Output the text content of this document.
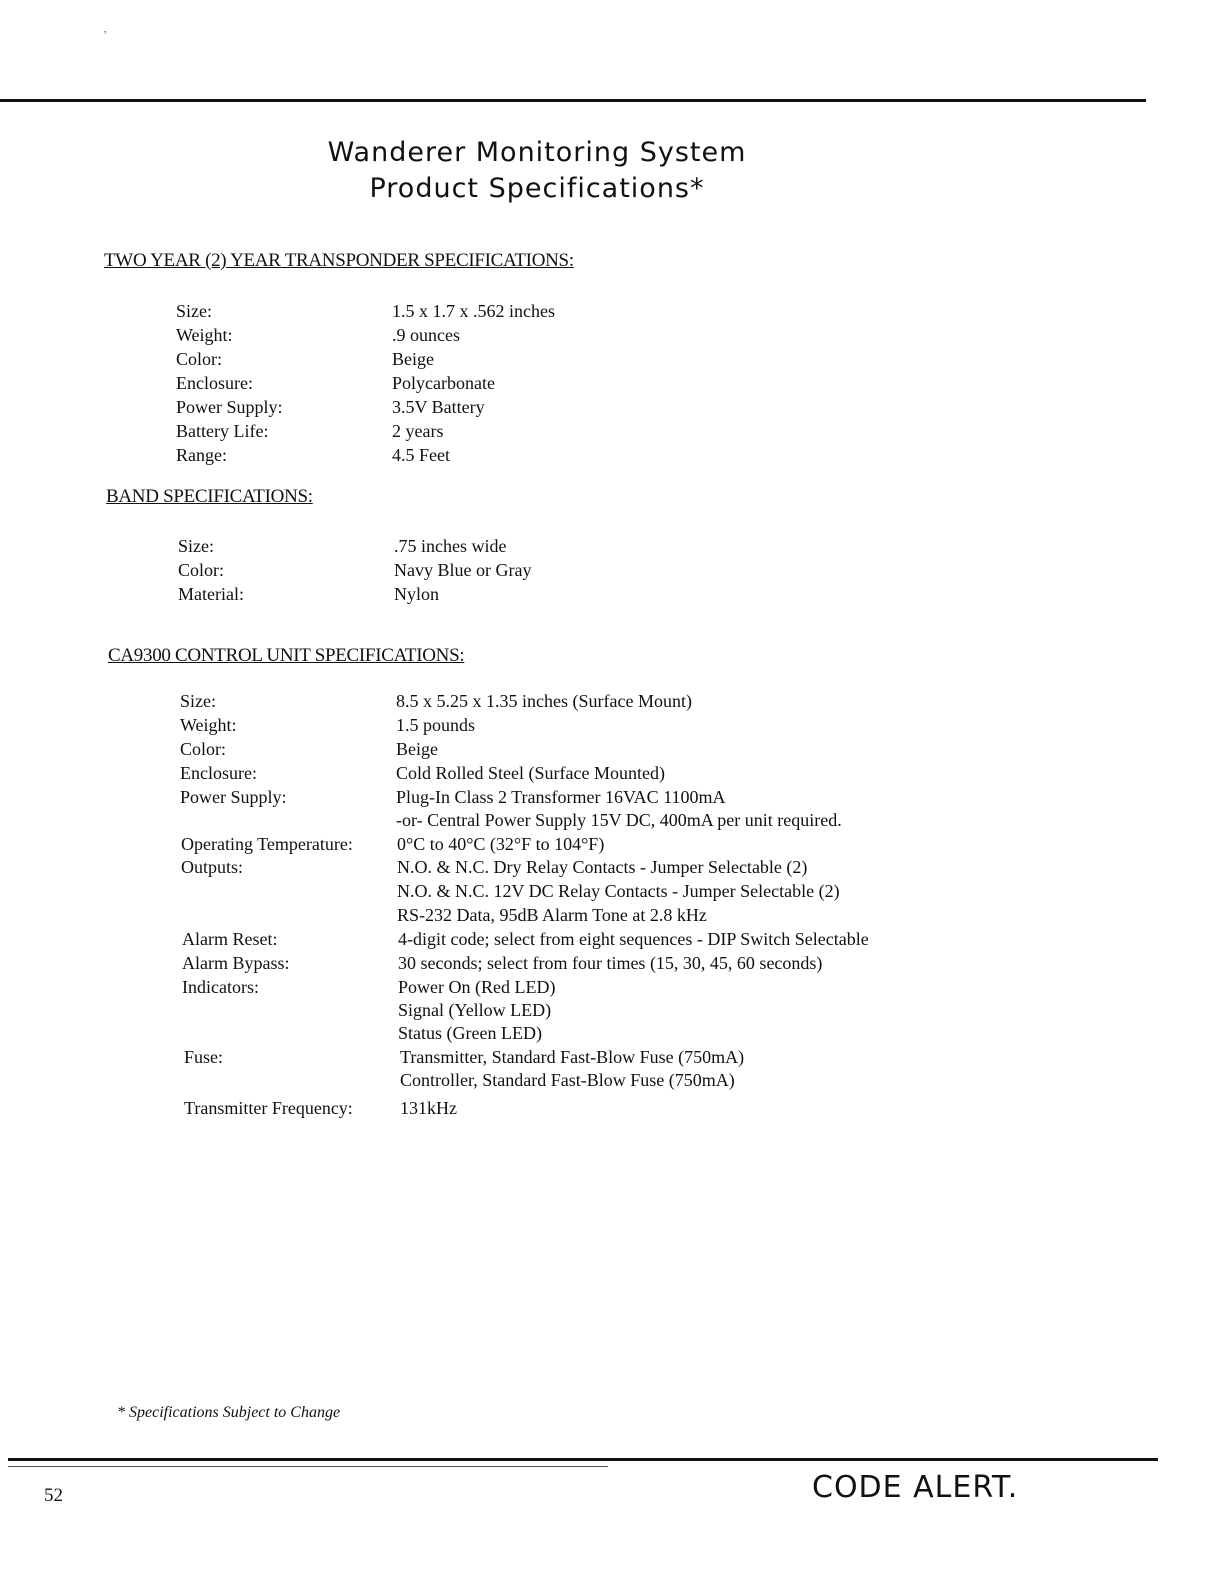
,
Wanderer Monitoring System
Product Specifications*
TWO YEAR (2) YEAR TRANSPONDER SPECIFICATIONS:
Size:	1.5 x 1.7 x .562 inches
Weight:	.9 ounces
Color:	Beige
Enclosure:	Polycarbonate
Power Supply:	3.5V Battery
Battery Life:	2 years
Range:	4.5 Feet
BAND SPECIFICATIONS:
Size:	.75 inches wide
Color:	Navy Blue or Gray
Material:	Nylon
CA9300 CONTROL UNIT SPECIFICATIONS:
Size:	8.5 x 5.25 x 1.35 inches (Surface Mount)
Weight:	1.5 pounds
Color:	Beige
Enclosure:	Cold Rolled Steel (Surface Mounted)
Power Supply:	Plug-In Class 2 Transformer 16VAC 1100mA
-or- Central Power Supply 15V DC, 400mA per unit required.
Operating Temperature: 0°C to 40°C (32°F to 104°F)
Outputs:	N.O. & N.C. Dry Relay Contacts - Jumper Selectable (2)
N.O. & N.C. 12V DC Relay Contacts - Jumper Selectable (2)
RS-232 Data, 95dB Alarm Tone at 2.8 kHz
Alarm Reset:	4-digit code; select from eight sequences - DIP Switch Selectable
Alarm Bypass:	30 seconds; select from four times (15, 30, 45, 60 seconds)
Indicators:	Power On (Red LED)
Signal (Yellow LED)
Status (Green LED)
Fuse:	Transmitter, Standard Fast-Blow Fuse (750mA)
Controller, Standard Fast-Blow Fuse (750mA)
Transmitter Frequency:	131kHz
* Specifications Subject to Change
52	CODE ALERT.
